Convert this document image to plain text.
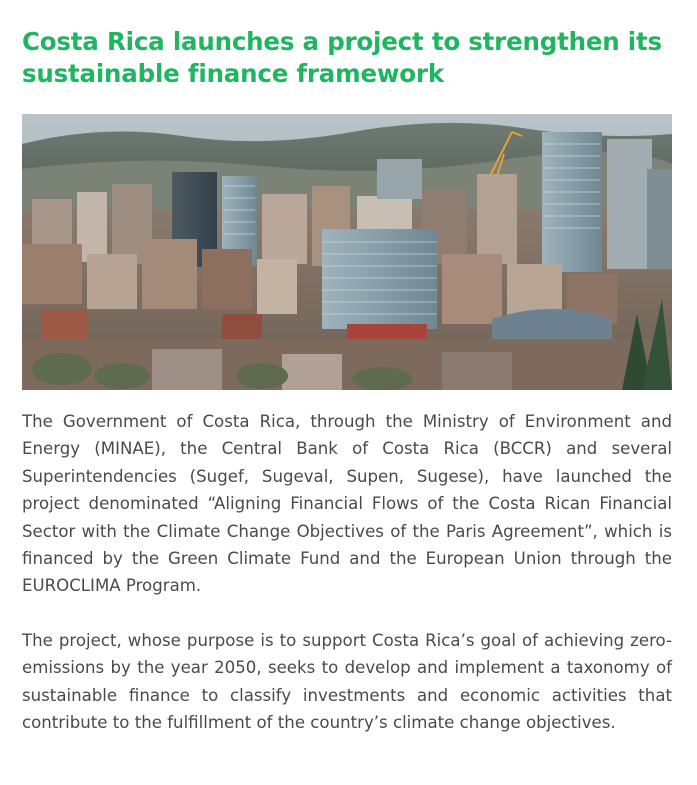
Costa Rica launches a project to strengthen its sustainable finance framework

The Government of Costa Rica, through the Ministry of Environment and Energy (MINAE), the Central Bank of Costa Rica (BCCR) and several Superintendencies (Sugef, Sugeval, Supen, Sugese), have launched the project denominated “Aligning Financial Flows of the Costa Rican Financial Sector with the Climate Change Objectives of the Paris Agreement”, which is financed by the Green Climate Fund and the European Union through the EUROCLIMA Program.

The project, whose purpose is to support Costa Rica’s goal of achieving zero-emissions by the year 2050, seeks to develop and implement a taxonomy of sustainable finance to classify investments and economic activities that contribute to the fulfillment of the country’s climate change objectives.
